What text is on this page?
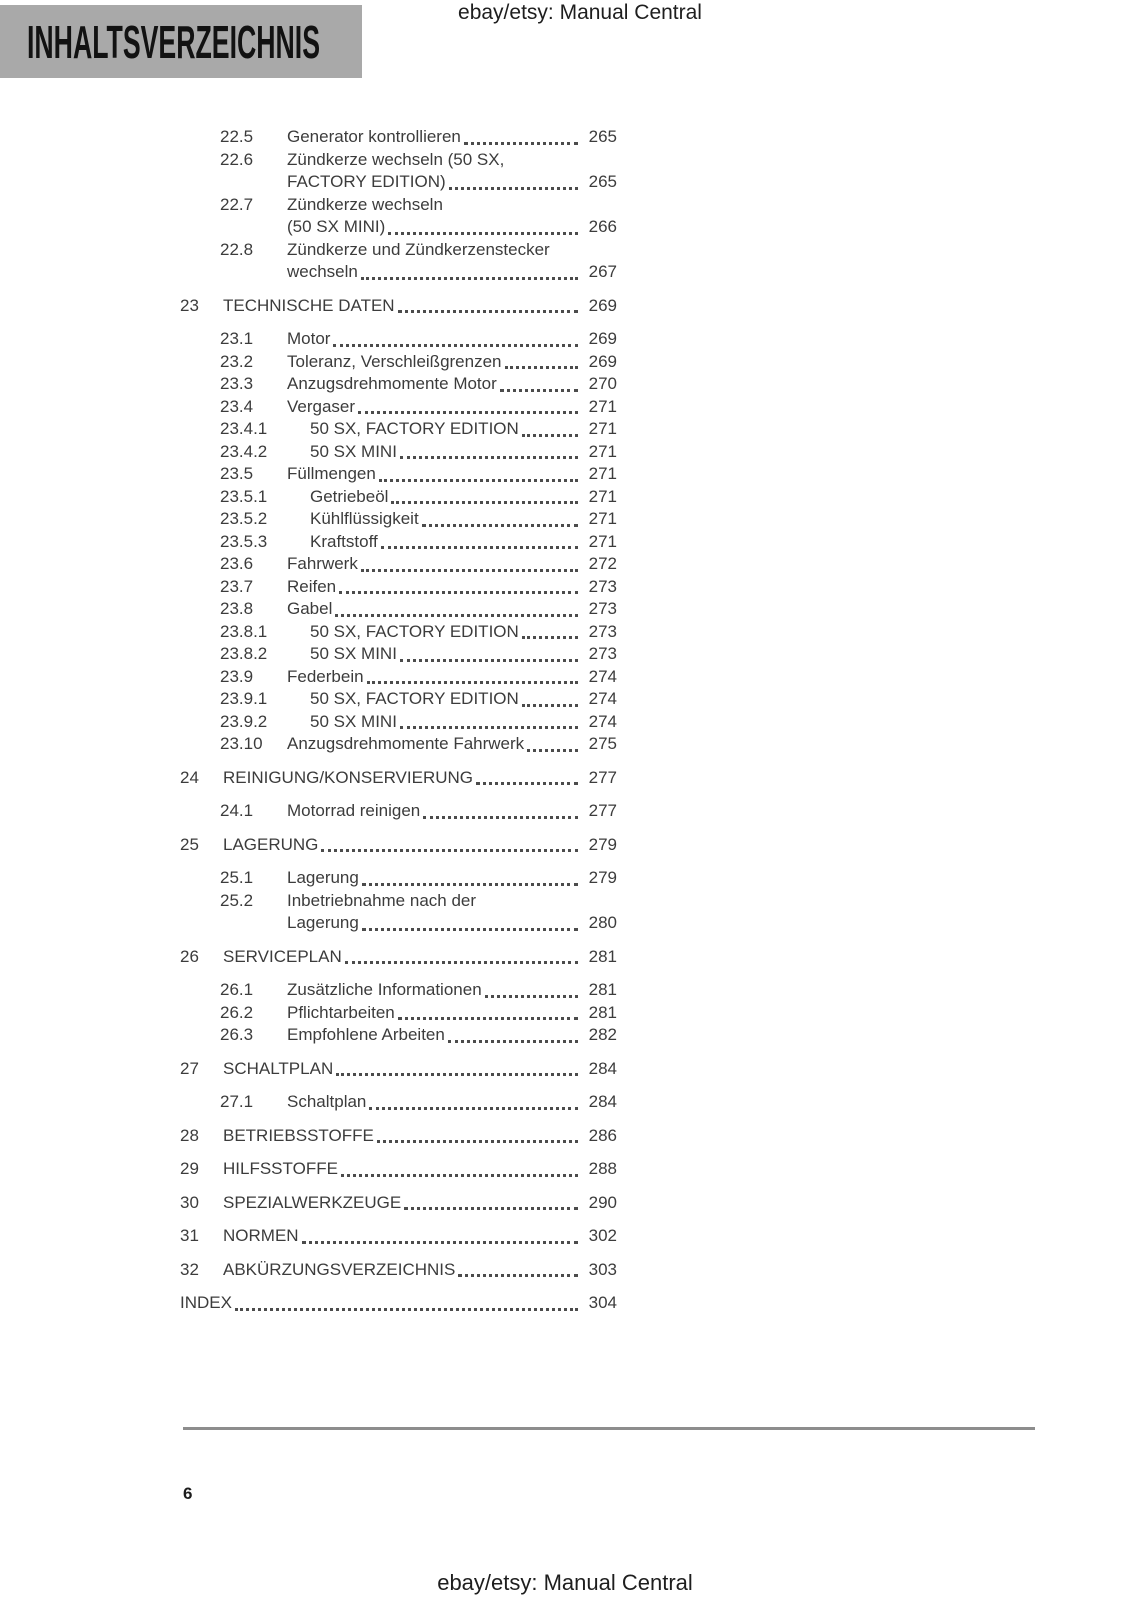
ebay/etsy: Manual Central
INHALTSVERZEICHNIS
22.5	Generator kontrollieren	265
22.6	Zündkerze wechseln (50 SX,
FACTORY EDITION)	265
22.7	Zündkerze wechseln
(50 SX MINI)	266
22.8	Zündkerze und Zündkerzenstecker
wechseln	267
23	TECHNISCHE DATEN	269
23.1	Motor	269
23.2	Toleranz, Verschleißgrenzen	269
23.3	Anzugsdrehmomente Motor	270
23.4	Vergaser	271
23.4.1	50 SX, FACTORY EDITION	271
23.4.2	50 SX MINI	271
23.5	Füllmengen	271
23.5.1	Getriebeöl	271
23.5.2	Kühlflüssigkeit	271
23.5.3	Kraftstoff	271
23.6	Fahrwerk	272
23.7	Reifen	273
23.8	Gabel	273
23.8.1	50 SX, FACTORY EDITION	273
23.8.2	50 SX MINI	273
23.9	Federbein	274
23.9.1	50 SX, FACTORY EDITION	274
23.9.2	50 SX MINI	274
23.10	Anzugsdrehmomente Fahrwerk	275
24	REINIGUNG/KONSERVIERUNG	277
24.1	Motorrad reinigen	277
25	LAGERUNG	279
25.1	Lagerung	279
25.2	Inbetriebnahme nach der
Lagerung	280
26	SERVICEPLAN	281
26.1	Zusätzliche Informationen	281
26.2	Pflichtarbeiten	281
26.3	Empfohlene Arbeiten	282
27	SCHALTPLAN	284
27.1	Schaltplan	284
28	BETRIEBSSTOFFE	286
29	HILFSSTOFFE	288
30	SPEZIALWERKZEUGE	290
31	NORMEN	302
32	ABKÜRZUNGSVERZEICHNIS	303
INDEX	304
6
ebay/etsy: Manual Central
